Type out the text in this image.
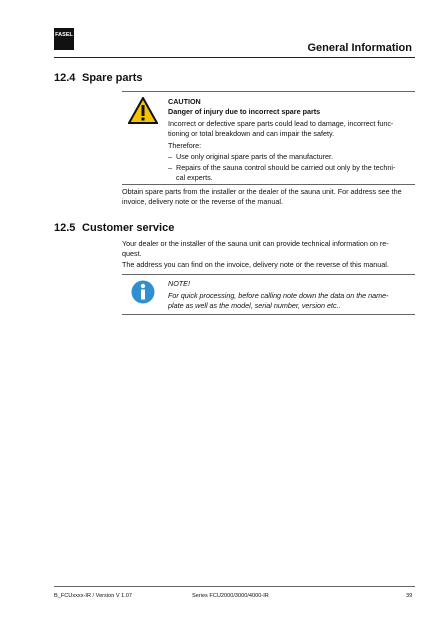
FASEL
General Information
12.4 Spare parts
CAUTION
Danger of injury due to incorrect spare parts
Incorrect or defective spare parts could lead to damage, incorrect func-
tioning or total breakdown and can impair the safety.
Therefore:
– Use only original spare parts of the manufacturer.
– Repairs of the sauna control should be carried out only by the techni-
cal experts.
Obtain spare parts from the installer or the dealer of the sauna unit. For address see the
invoice, delivery note or the reverse of the manual.
12.5 Customer service
Your dealer or the installer of the sauna unit can provide technical information on re-
quest.
The address you can find on the invoice, delivery note or the reverse of this manual.
NOTE!
For quick processing, before calling note down the data on the name-
plate as well as the model, serial number, version etc..
B_FCUxxxx-IR / Version V 1.07	Series FCU2000/3000/4000-IR	39
